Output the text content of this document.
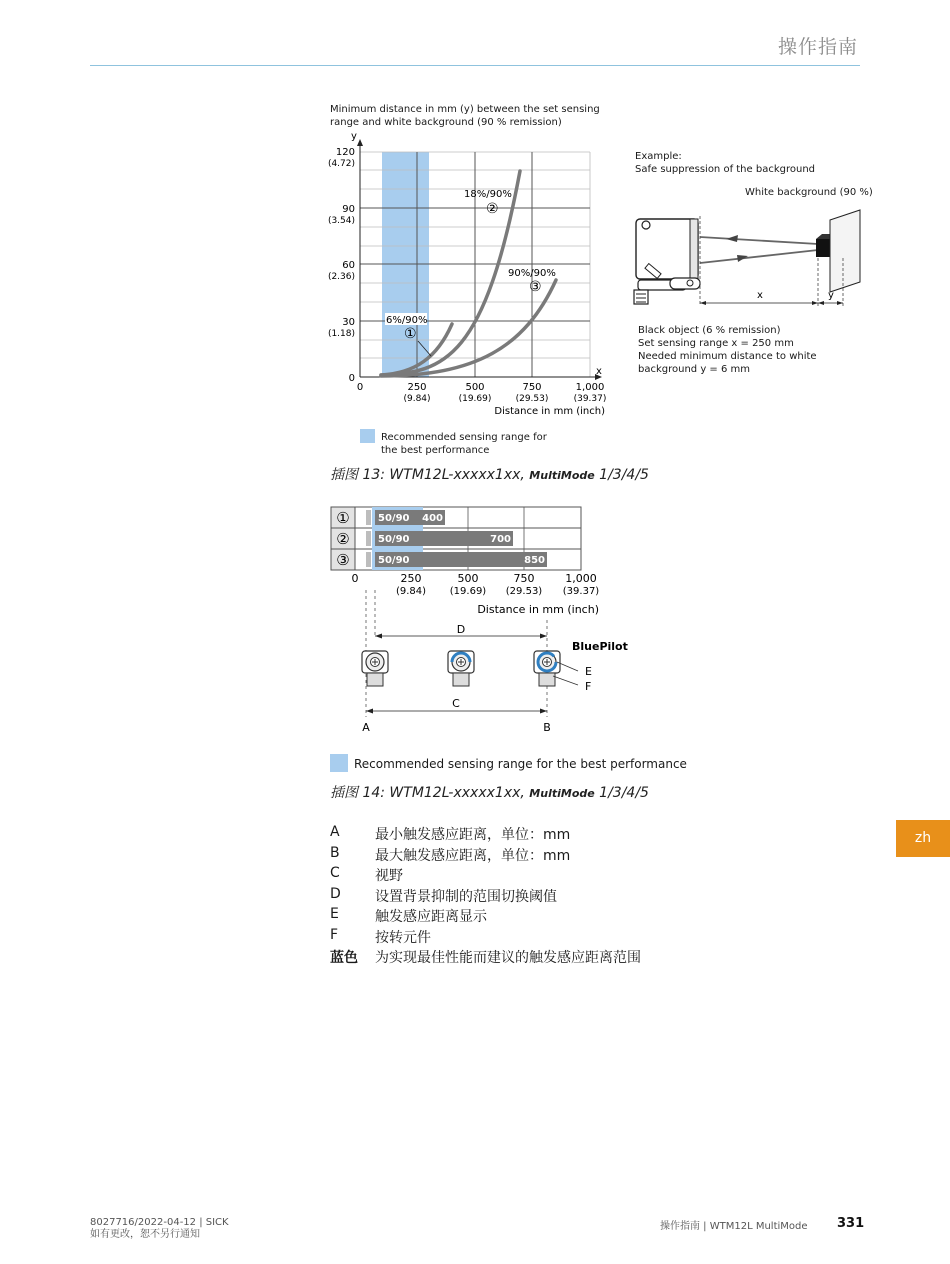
操作指南
Minimum distance in mm (y) between the set sensing
range and white background (90 % remission)
y
x
6%/90%
①
18%/90%
②
90%/90%
③
120
(4.72)
90
(3.54)
60
(2.36)
30
(1.18)
0
0	250
(9.84)
500
(19.69)
750
(29.53)
1,000
(39.37)
Distance in mm (inch)
Recommended sensing range for
the best performance
Example:
Safe suppression of the background
White background (90 %)
x	y
Black object (6 % remission)
Set sensing range x = 250 mm
Needed minimum distance to white
background y = 6 mm
插图 13: WTM12L-xxxxx1xx, MultiMode 1/3/4/5
①
②
③
50/90 400
50/90	700
50/90	850
0	250
(9.84)
500
(19.69)
750
(29.53)
1,000
(39.37)
Distance in mm (inch)
D
C
A	B
BluePilot
E
F
Recommended sensing range for the best performance
插图 14: WTM12L-xxxxx1xx, MultiMode 1/3/4/5
A	最小触发感应距离，单位：mm
B	最大触发感应距离，单位：mm
C	视野
D	设置背景抑制的范围切换阈值
E	触发感应距离显示
F	按转元件
蓝色	为实现最佳性能而建议的触发感应距离范围
zh
8027716/2022-04-12 | SICK
如有更改，恕不另行通知
操作指南 | WTM12L MultiMode 331
